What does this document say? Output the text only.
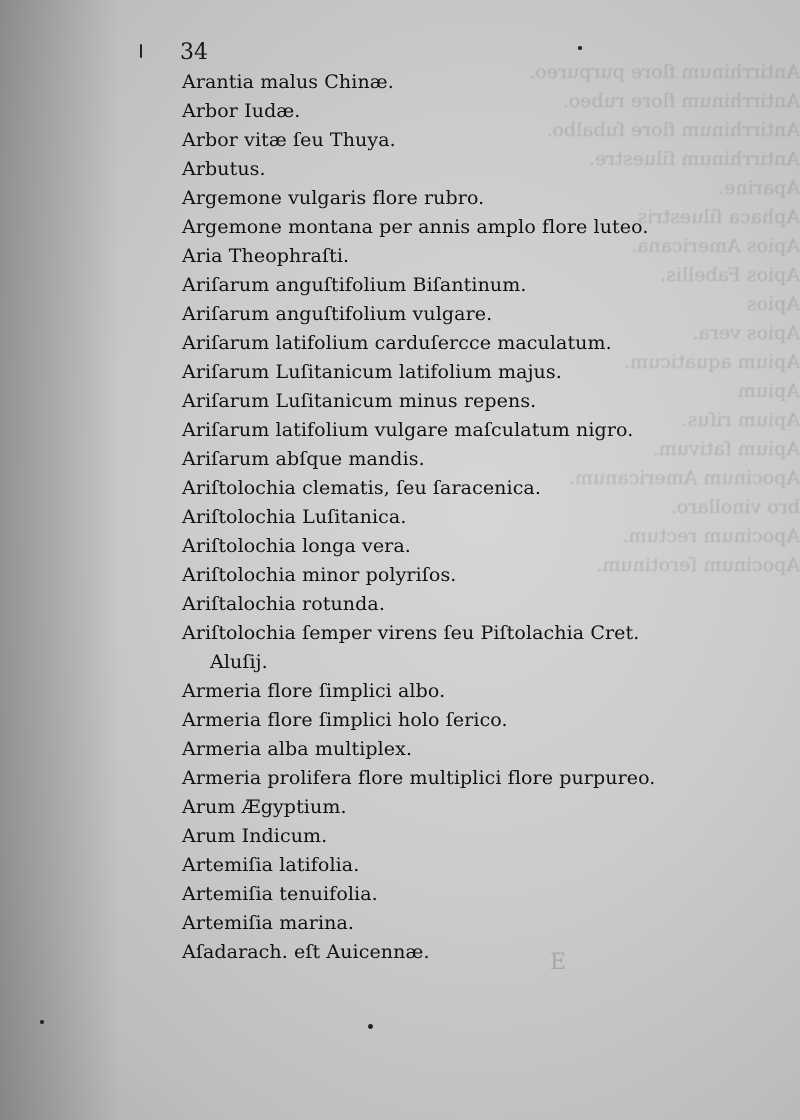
Antirrhinum flore purpureo.
Antirrhinum flore rubeo.
Antirrhinum flore ſubalbo.
Antirrhinum ſiluestre.
Aparine.
Aphaca ſiluestris.
Apios Americana.
Apios Fabellis.
Apios
Apios vera.
Apium aquaticum.
Apium
Apium riſus.
Apium ſativum.
Apocinum Americanum.
bro vinollaro.
Apocinum rectum.
Apocinum ſerotinum.
34
Arantia malus Chinæ.
Arbor Iudæ.
Arbor vitæ ſeu Thuya.
Arbutus.
Argemone vulgaris flore rubro.
Argemone montana per annis amplo flore luteo.
Aria Theophraſti.
Ariſarum anguſtifolium Biſantinum.
Ariſarum anguſtifolium vulgare.
Ariſarum latifolium carduſercce maculatum.
Ariſarum Luſitanicum latifolium majus.
Ariſarum Luſitanicum minus repens.
Ariſarum latifolium vulgare maſculatum nigro.
Ariſarum abſque mandis.
Ariſtolochia clematis, ſeu ſaracenica.
Ariſtolochia Luſitanica.
Ariſtolochia longa vera.
Ariſtolochia minor polyriſos.
Ariſtalochia rotunda.
Ariſtolochia ſemper virens ſeu Piſtolachia Cret.
Aluſij.
Armeria flore ſimplici albo.
Armeria flore ſimplici holo ſerico.
Armeria alba multiplex.
Armeria prolifera flore multiplici flore purpureo.
Arum Ægyptium.
Arum Indicum.
Artemiſia latifolia.
Artemiſia tenuifolia.
Artemiſia marina.
Aſadarach. eſt Auicennæ.	E
